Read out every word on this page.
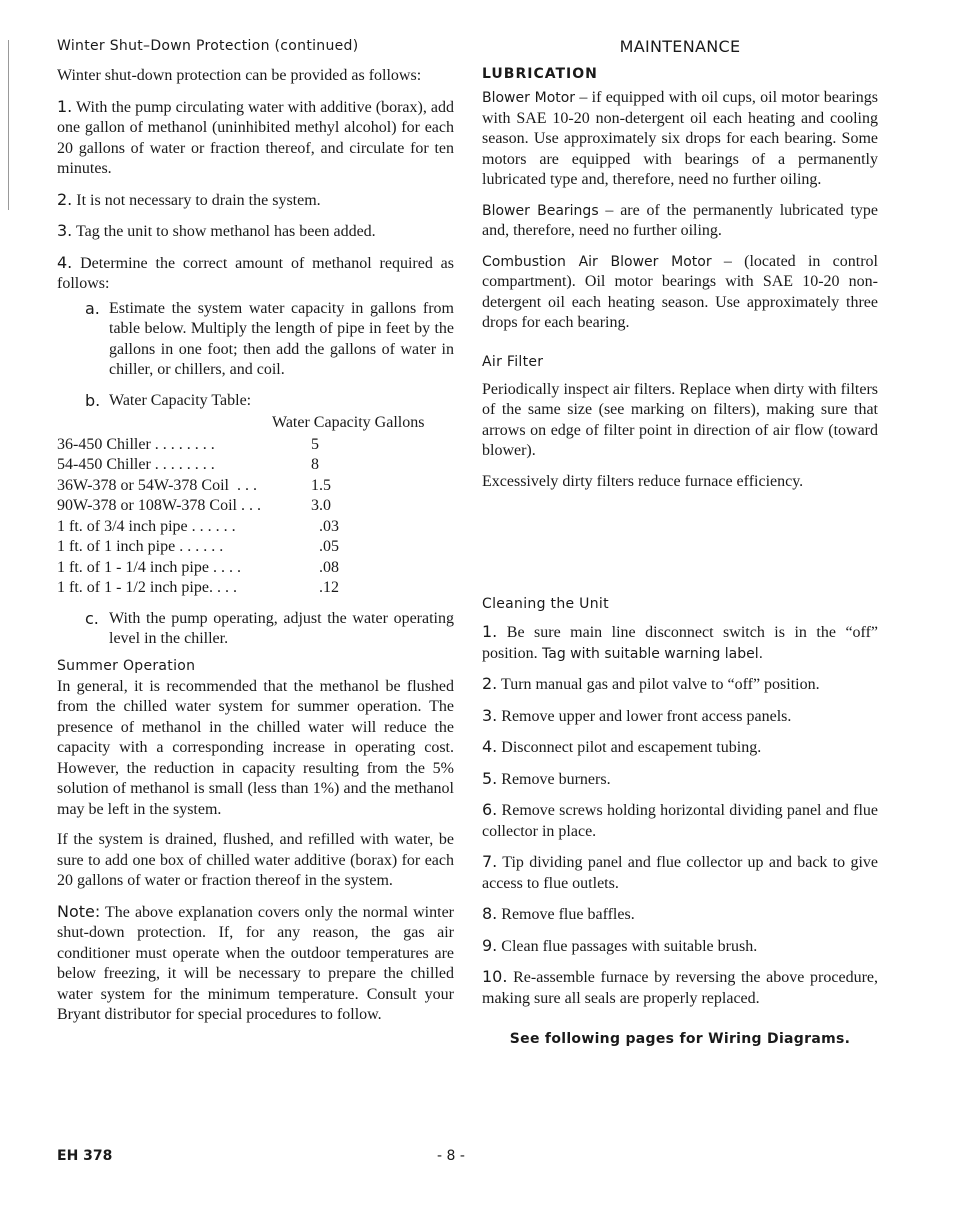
Winter Shut–Down Protection (continued)

Winter shut-down protection can be provided as follows:

1. With the pump circulating water with additive (borax), add one gallon of methanol (uninhibited methyl alcohol) for each 20 gallons of water or fraction thereof, and circulate for ten minutes.

2. It is not necessary to drain the system.

3. Tag the unit to show methanol has been added.

4. Determine the correct amount of methanol required as follows:

a. Estimate the system water capacity in gallons from table below. Multiply the length of pipe in feet by the gallons in one foot; then add the gallons of water in chiller, or chillers, and coil.

b. Water Capacity Table:

Water Capacity Gallons
36-450 Chiller . . . . . . . .	5
54-450 Chiller . . . . . . . .	8
36W-378 or 54W-378 Coil  . . .	1.5
90W-378 or 108W-378 Coil . . .	3.0
1 ft. of 3/4 inch pipe . . . . . .	.03
1 ft. of 1 inch pipe . . . . . .	.05
1 ft. of 1 - 1/4 inch pipe . . . .	.08
1 ft. of 1 - 1/2 inch pipe. . . .	.12
c. With the pump operating, adjust the water operating level in the chiller.

Summer Operation

In general, it is recommended that the methanol be flushed from the chilled water system for summer operation. The presence of methanol in the chilled water will reduce the capacity with a corresponding increase in operating cost. However, the reduction in capacity resulting from the 5% solution of methanol is small (less than 1%) and the methanol may be left in the system.

If the system is drained, flushed, and refilled with water, be sure to add one box of chilled water additive (borax) for each 20 gallons of water or fraction thereof in the system.

Note: The above explanation covers only the normal winter shut-down protection. If, for any reason, the gas air conditioner must operate when the outdoor temperatures are below freezing, it will be necessary to prepare the chilled water system for the minimum temperature. Consult your Bryant distributor for special procedures to follow.

MAINTENANCE
LUBRICATION

Blower Motor – if equipped with oil cups, oil motor bearings with SAE 10-20 non-detergent oil each heating and cooling season. Use approximately six drops for each bearing. Some motors are equipped with bearings of a permanently lubricated type and, therefore, need no further oiling.

Blower Bearings – are of the permanently lubricated type and, therefore, need no further oiling.

Combustion Air Blower Motor – (located in control compartment). Oil motor bearings with SAE 10-20 non-detergent oil each heating season. Use approximately three drops for each bearing.

Air Filter

Periodically inspect air filters. Replace when dirty with filters of the same size (see marking on filters), making sure that arrows on edge of filter point in direction of air flow (toward blower).

Excessively dirty filters reduce furnace efficiency.

Cleaning the Unit

1. Be sure main line disconnect switch is in the “off” position. Tag with suitable warning label.

2. Turn manual gas and pilot valve to “off” position.

3. Remove upper and lower front access panels.

4. Disconnect pilot and escapement tubing.

5. Remove burners.

6. Remove screws holding horizontal dividing panel and flue collector in place.

7. Tip dividing panel and flue collector up and back to give access to flue outlets.

8. Remove flue baffles.

9. Clean flue passages with suitable brush.

10. Re-assemble furnace by reversing the above procedure, making sure all seals are properly replaced.

See following pages for Wiring Diagrams.
EH 378	- 8 -
